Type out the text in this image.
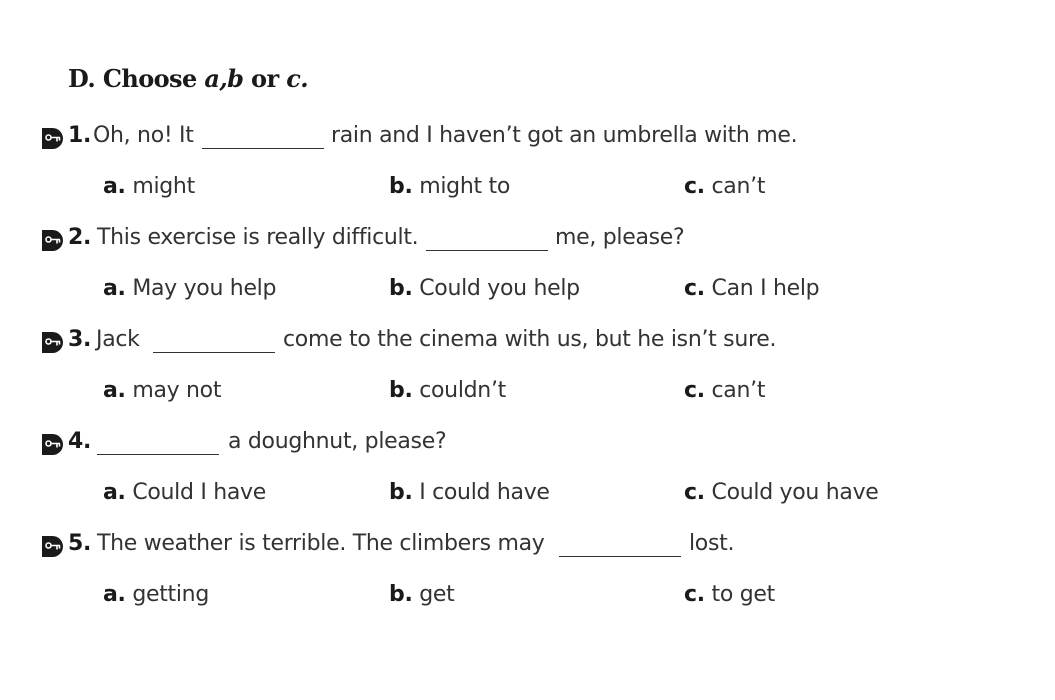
D. Choose a,b or c.
1. Oh, no! It	rain and I haven’t got an umbrella with me.
a. might	b. might to	c. can’t
2. This exercise is really difficult.	me, please?
a. May you help	b. Could you help	c. Can I help
3. Jack	come to the cinema with us, but he isn’t sure.
a. may not	b. couldn’t	c. can’t
4.	a doughnut, please?
a. Could I have	b. I could have	c. Could you have
5. The weather is terrible. The climbers may	lost.
a. getting	b. get	c. to get
